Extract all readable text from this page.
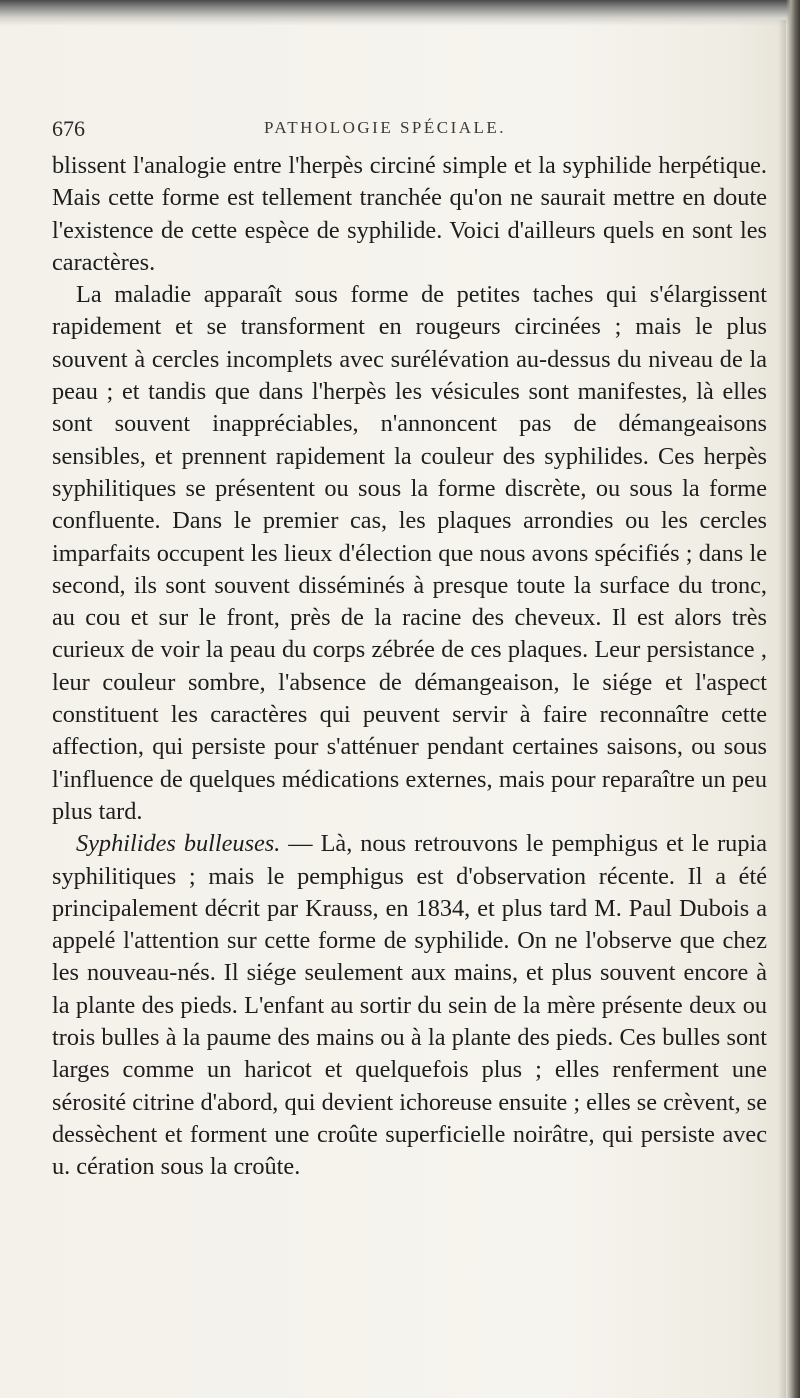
676	PATHOLOGIE SPÉCIALE.

blissent l'analogie entre l'herpès circiné simple et la syphilide herpétique. Mais cette forme est tellement tranchée qu'on ne saurait mettre en doute l'existence de cette espèce de syphilide. Voici d'ailleurs quels en sont les caractères.

La maladie apparaît sous forme de petites taches qui s'élargissent rapidement et se transforment en rougeurs circinées ; mais le plus souvent à cercles incomplets avec surélévation au-dessus du niveau de la peau ; et tandis que dans l'herpès les vésicules sont manifestes, là elles sont souvent inappréciables, n'annoncent pas de démangeaisons sensibles, et prennent rapidement la couleur des syphilides. Ces herpès syphilitiques se présentent ou sous la forme discrète, ou sous la forme confluente. Dans le premier cas, les plaques arrondies ou les cercles imparfaits occupent les lieux d'élection que nous avons spécifiés ; dans le second, ils sont souvent disséminés à presque toute la surface du tronc, au cou et sur le front, près de la racine des cheveux. Il est alors très curieux de voir la peau du corps zébrée de ces plaques. Leur persistance , leur couleur sombre, l'absence de démangeaison, le siége et l'aspect constituent les caractères qui peuvent servir à faire reconnaître cette affection, qui persiste pour s'atténuer pendant certaines saisons, ou sous l'influence de quelques médications externes, mais pour reparaître un peu plus tard.

Syphilides bulleuses. — Là, nous retrouvons le pemphigus et le rupia syphilitiques ; mais le pemphigus est d'observation récente. Il a été principalement décrit par Krauss, en 1834, et plus tard M. Paul Dubois a appelé l'attention sur cette forme de syphilide. On ne l'observe que chez les nouveau-nés. Il siége seulement aux mains, et plus souvent encore à la plante des pieds. L'enfant au sortir du sein de la mère présente deux ou trois bulles à la paume des mains ou à la plante des pieds. Ces bulles sont larges comme un haricot et quelquefois plus ; elles renferment une sérosité citrine d'abord, qui devient ichoreuse ensuite ; elles se crèvent, se dessèchent et forment une croûte superficielle noirâtre, qui persiste avec u. cération sous la croûte.
